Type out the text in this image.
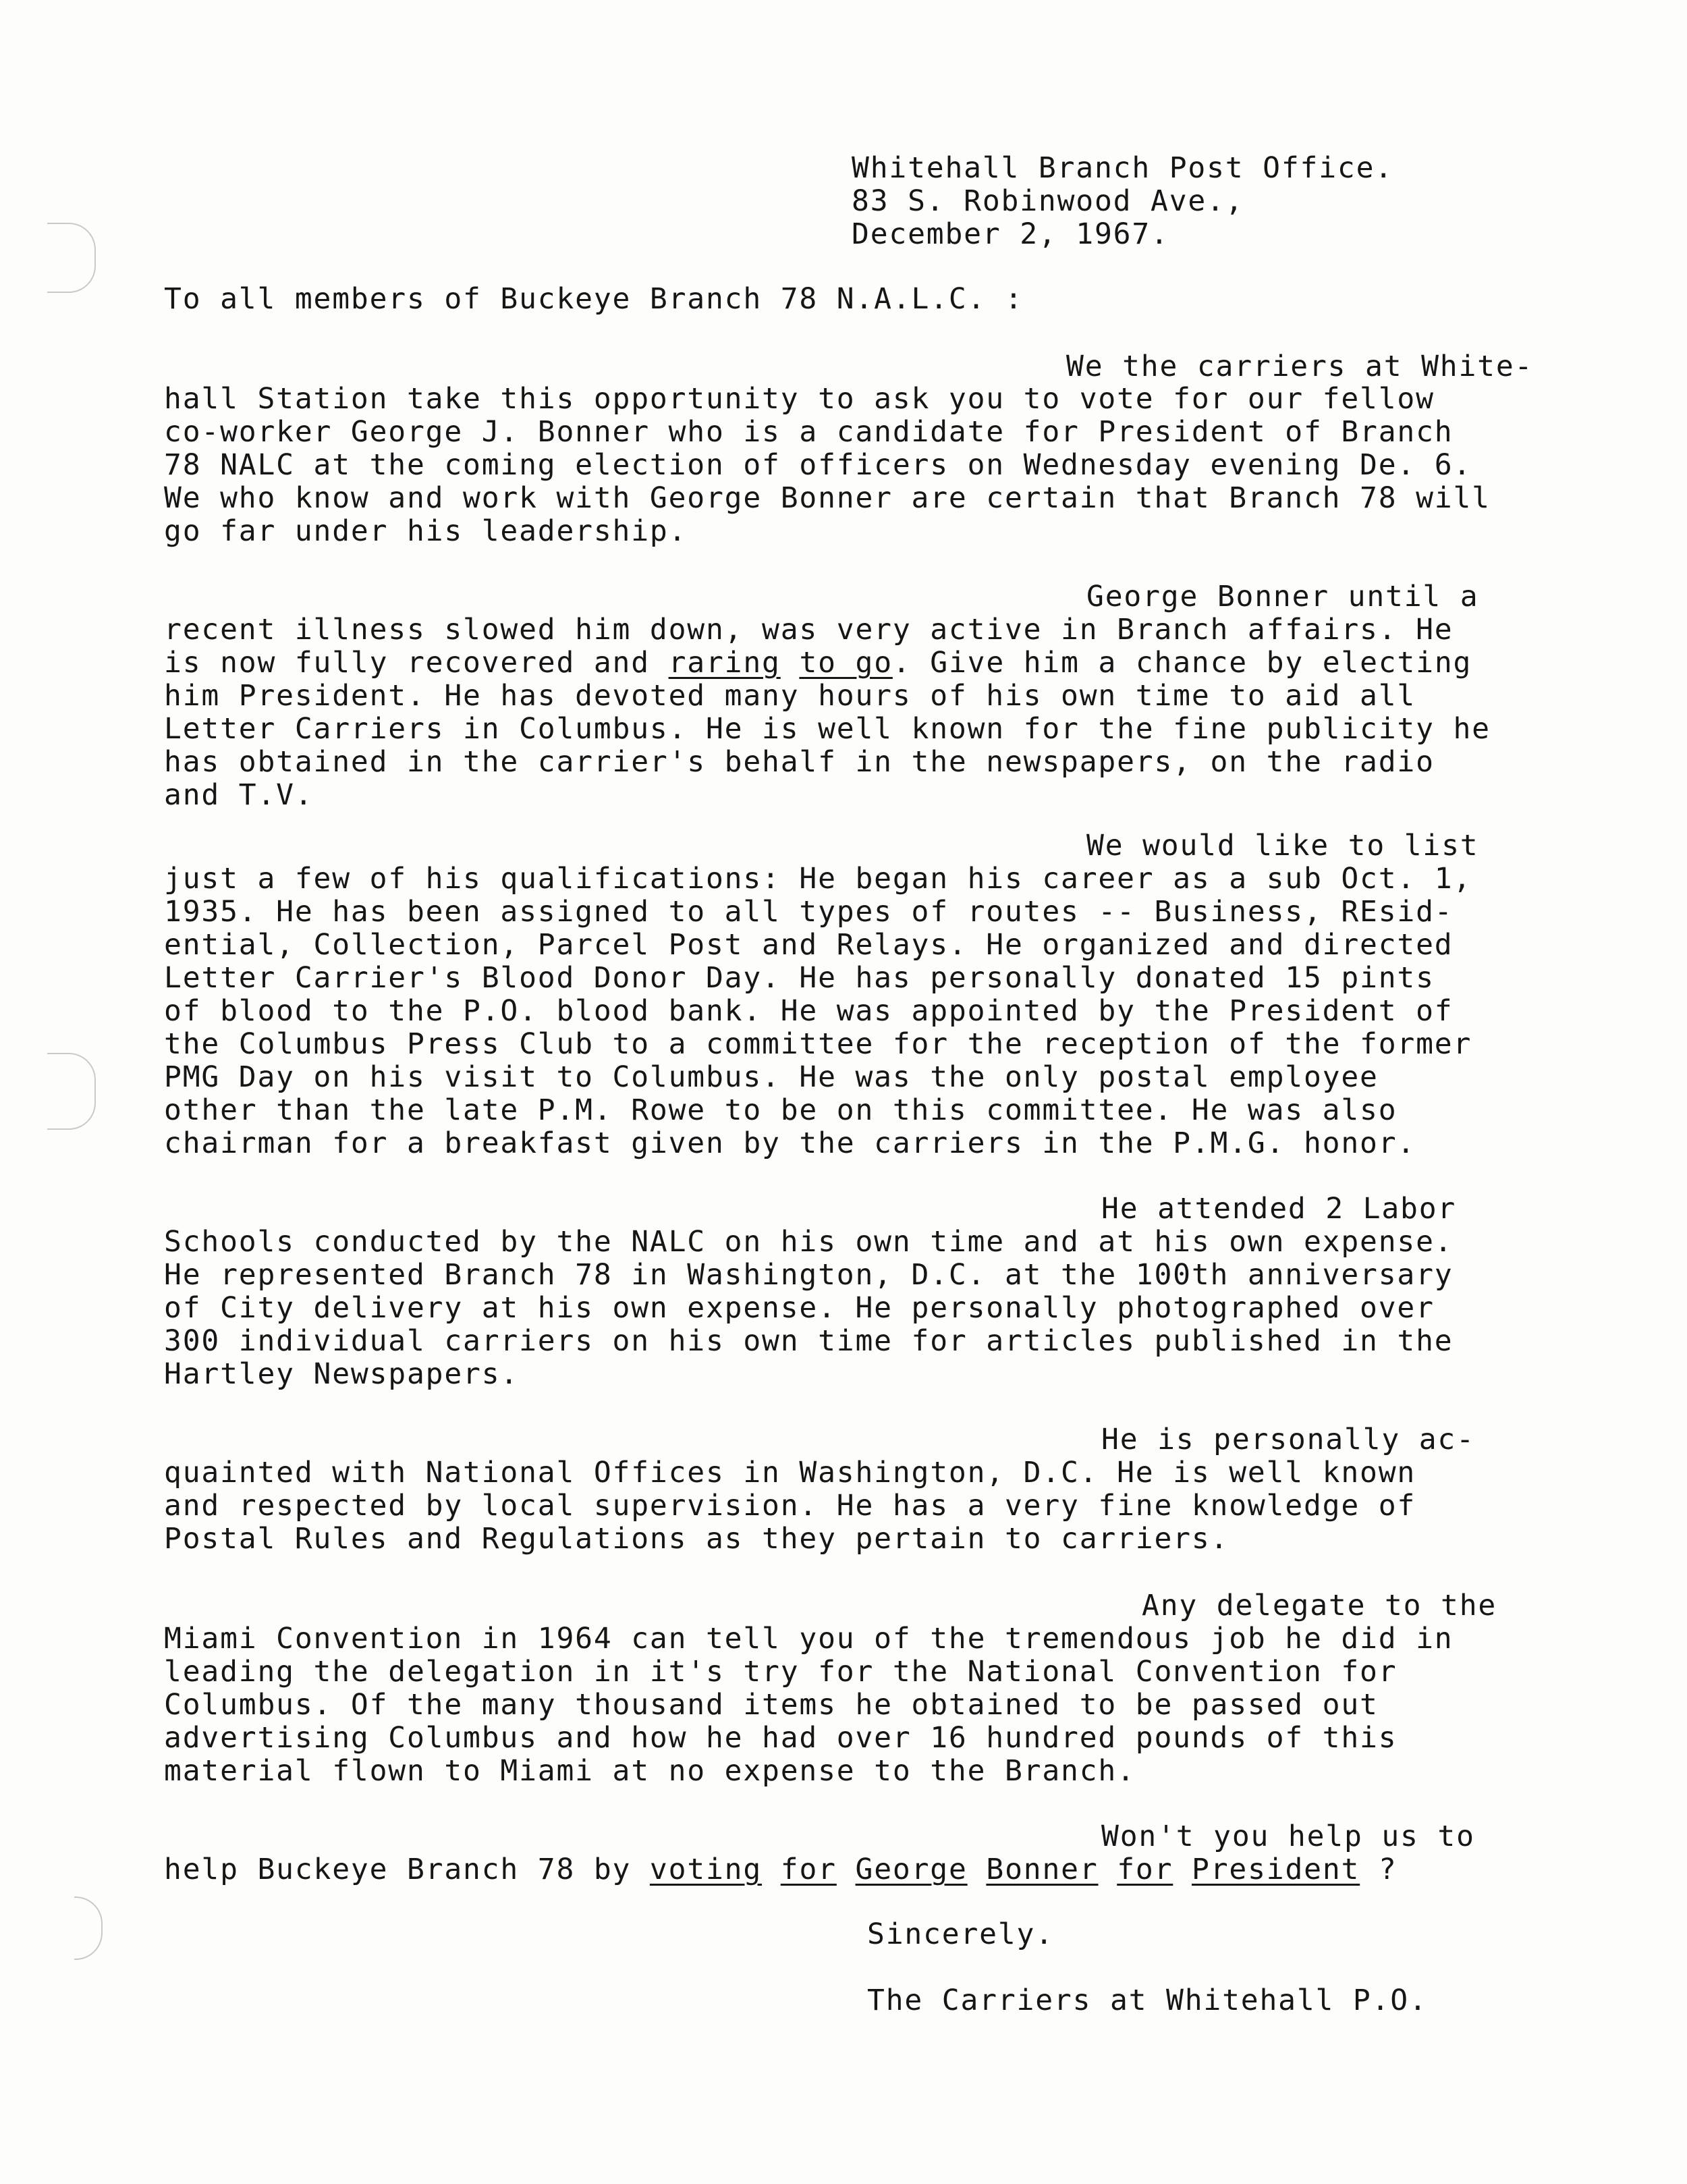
Whitehall Branch Post Office.
83 S. Robinwood Ave.,
December 2, 1967.
To all members of Buckeye Branch 78 N.A.L.C. :
We the carriers at White-
hall Station take this opportunity to ask you to vote for our fellow
co-worker George J. Bonner who is a candidate for President of Branch
78 NALC at the coming election of officers on Wednesday evening De. 6.
We who know and work with George Bonner are certain that Branch 78 will
go far under his leadership.
George Bonner until a
recent illness slowed him down, was very active in Branch affairs. He
is now fully recovered and raring to go. Give him a chance by electing
him President. He has devoted many hours of his own time to aid all
Letter Carriers in Columbus. He is well known for the fine publicity he
has obtained in the carrier's behalf in the newspapers, on the radio
and T.V.
We would like to list
just a few of his qualifications: He began his career as a sub Oct. 1,
1935. He has been assigned to all types of routes -- Business, REsid-
ential, Collection, Parcel Post and Relays. He organized and directed
Letter Carrier's Blood Donor Day. He has personally donated 15 pints
of blood to the P.O. blood bank. He was appointed by the President of
the Columbus Press Club to a committee for the reception of the former
PMG Day on his visit to Columbus. He was the only postal employee
other than the late P.M. Rowe to be on this committee. He was also
chairman for a breakfast given by the carriers in the P.M.G. honor.
He attended 2 Labor
Schools conducted by the NALC on his own time and at his own expense.
He represented Branch 78 in Washington, D.C. at the 100th anniversary
of City delivery at his own expense. He personally photographed over
300 individual carriers on his own time for articles published in the
Hartley Newspapers.
He is personally ac-
quainted with National Offices in Washington, D.C. He is well known
and respected by local supervision. He has a very fine knowledge of
Postal Rules and Regulations as they pertain to carriers.
Any delegate to the
Miami Convention in 1964 can tell you of the tremendous job he did in
leading the delegation in it's try for the National Convention for
Columbus. Of the many thousand items he obtained to be passed out
advertising Columbus and how he had over 16 hundred pounds of this
material flown to Miami at no expense to the Branch.
Won't you help us to
help Buckeye Branch 78 by voting for George Bonner for President ?
Sincerely.
The Carriers at Whitehall P.O.
